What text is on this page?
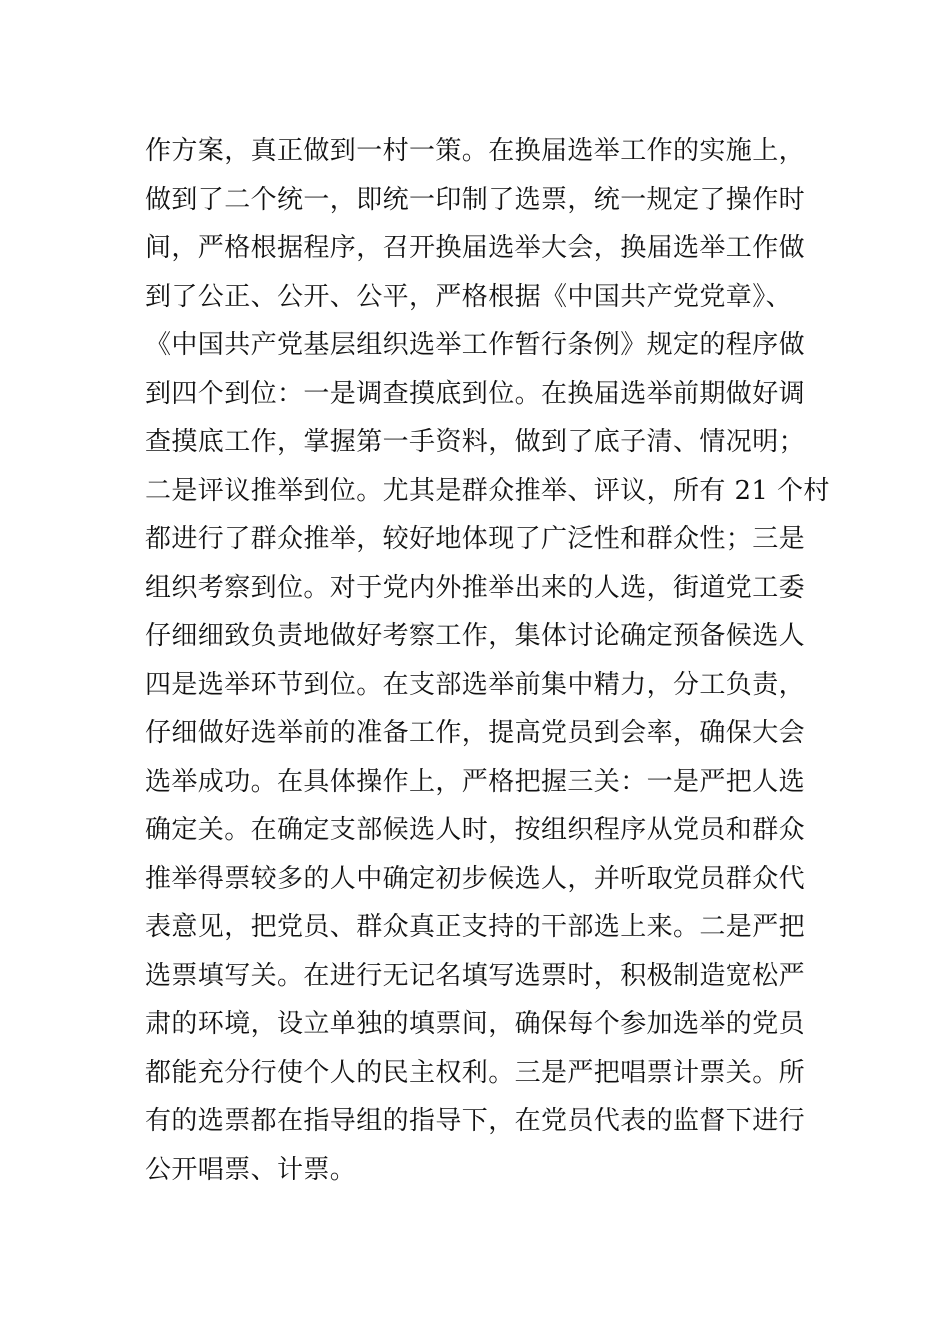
作方案，真正做到一村一策。在换届选举工作的实施上，
做到了二个统一，即统一印制了选票，统一规定了操作时
间，严格根据程序，召开换届选举大会，换届选举工作做
到了公正、公开、公平，严格根据《中国共产党党章》、
《中国共产党基层组织选举工作暂行条例》规定的程序做
到四个到位：一是调查摸底到位。在换届选举前期做好调
查摸底工作，掌握第一手资料，做到了底子清、情况明；
二是评议推举到位。尤其是群众推举、评议，所有 21 个村
都进行了群众推举，较好地体现了广泛性和群众性；三是
组织考察到位。对于党内外推举出来的人选，街道党工委
仔细细致负责地做好考察工作，集体讨论确定预备候选人
四是选举环节到位。在支部选举前集中精力，分工负责，
仔细做好选举前的准备工作，提高党员到会率，确保大会
选举成功。在具体操作上，严格把握三关：一是严把人选
确定关。在确定支部候选人时，按组织程序从党员和群众
推举得票较多的人中确定初步候选人，并听取党员群众代
表意见，把党员、群众真正支持的干部选上来。二是严把
选票填写关。在进行无记名填写选票时，积极制造宽松严
肃的环境，设立单独的填票间，确保每个参加选举的党员
都能充分行使个人的民主权利。三是严把唱票计票关。所
有的选票都在指导组的指导下，在党员代表的监督下进行
公开唱票、计票。
